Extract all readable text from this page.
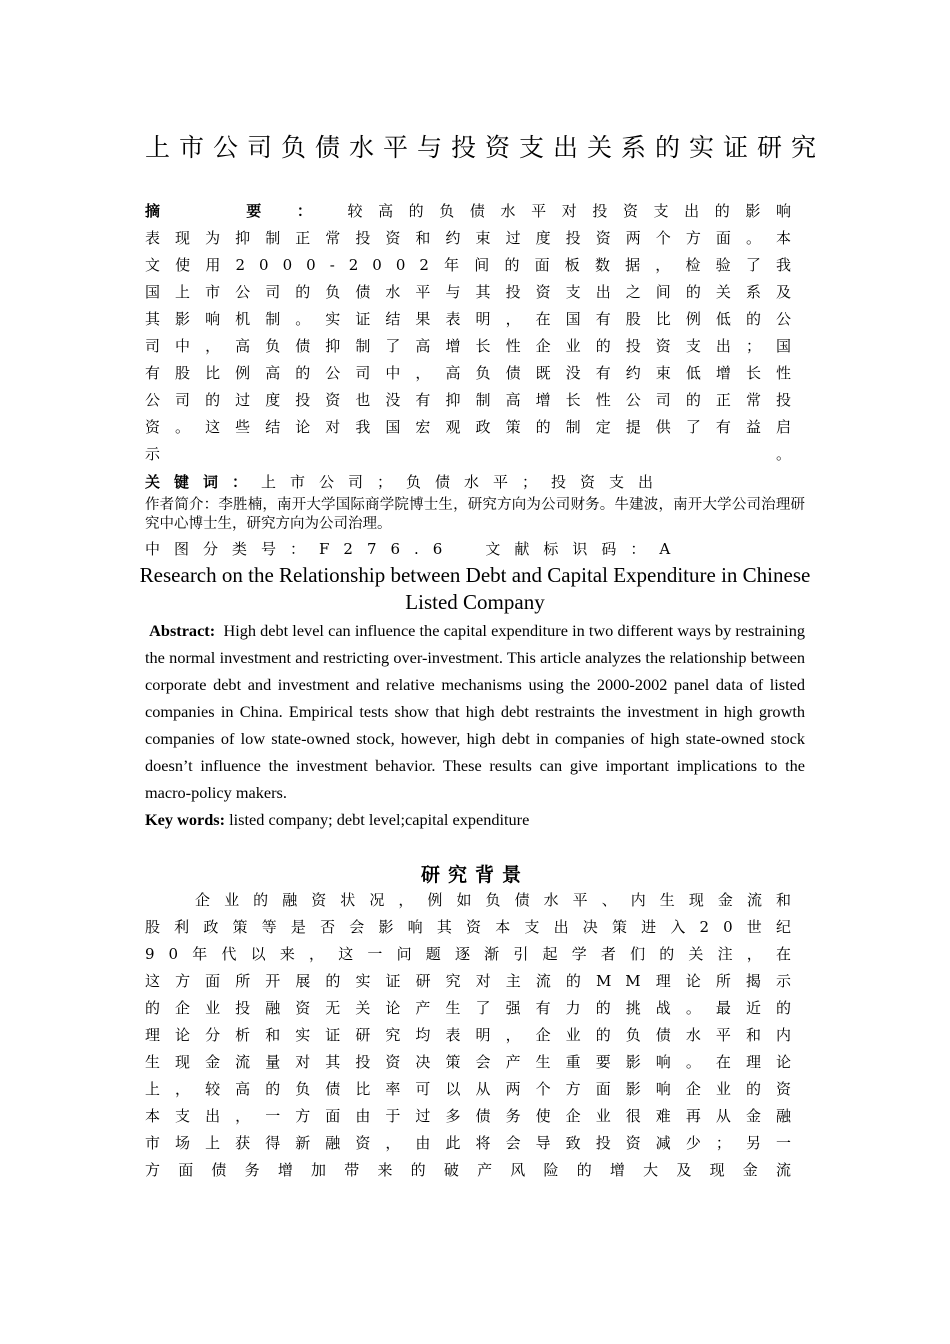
上市公司负债水平与投资支出关系的实证研究
摘　要：较高的负债水平对投资支出的影响表现为抑制正常投资和约束过度投资两个方面。本文使用2000-2002年间的面板数据，检验了我国上市公司的负债水平与其投资支出之间的关系及其影响机制。实证结果表明，在国有股比例低的公司中，高负债抑制了高增长性企业的投资支出；国有股比例高的公司中，高负债既没有约束低增长性公司的过度投资也没有抑制高增长性公司的正常投资。这些结论对我国宏观政策的制定提供了有益启示。
关键词：上市公司；负债水平；投资支出
作者简介：李胜楠，南开大学国际商学院博士生，研究方向为公司财务。牛建波，南开大学公司治理研究中心博士生，研究方向为公司治理。
中图分类号：F276.6　文献标识码：A
Research on the Relationship between Debt and Capital Expenditure in Chinese Listed Company
Abstract: High debt level can influence the capital expenditure in two different ways by restraining the normal investment and restricting over-investment. This article analyzes the relationship between corporate debt and investment and relative mechanisms using the 2000-2002 panel data of listed companies in China. Empirical tests show that high debt restraints the investment in high growth companies of low state-owned stock, however, high debt in companies of high state-owned stock doesn’t influence the investment behavior. These results can give important implications to the macro-policy makers.
Key words: listed company; debt level;capital expenditure
研究背景
企业的融资状况，例如负债水平、内生现金流和股利政策等是否会影响其资本支出决策进入20世纪90年代以来，这一问题逐渐引起学者们的关注，在这方面所开展的实证研究对主流的MM理论所揭示的企业投融资无关论产生了强有力的挑战。最近的理论分析和实证研究均表明，企业的负债水平和内生现金流量对其投资决策会产生重要影响。在理论上，较高的负债比率可以从两个方面影响企业的资本支出，一方面由于过多债务使企业很难再从金融市场上获得新融资，由此将会导致投资减少；另一方面债务增加带来的破产风险的增大及现金流
